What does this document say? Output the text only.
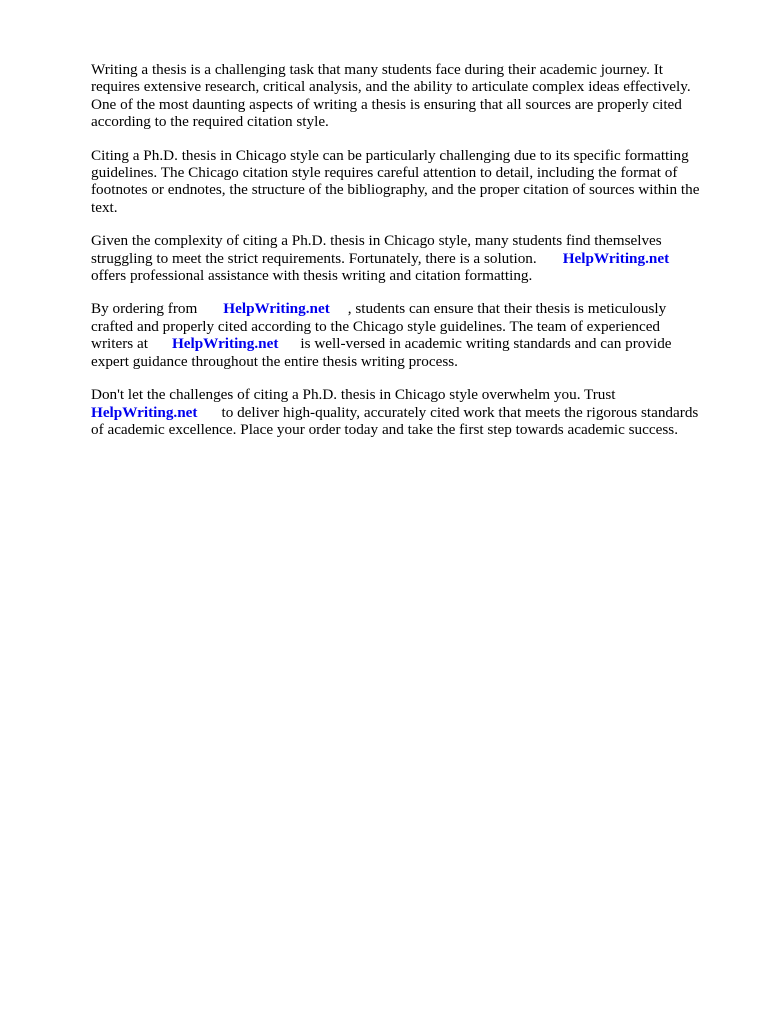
Writing a thesis is a challenging task that many students face during their academic journey. It
requires extensive research, critical analysis, and the ability to articulate complex ideas effectively.
One of the most daunting aspects of writing a thesis is ensuring that all sources are properly cited
according to the required citation style.

Citing a Ph.D. thesis in Chicago style can be particularly challenging due to its specific formatting
guidelines. The Chicago citation style requires careful attention to detail, including the format of
footnotes or endnotes, the structure of the bibliography, and the proper citation of sources within the
text.

Given the complexity of citing a Ph.D. thesis in Chicago style, many students find themselves
struggling to meet the strict requirements. Fortunately, there is a solution. HelpWriting.net
offers professional assistance with thesis writing and citation formatting.

By ordering from HelpWriting.net , students can ensure that their thesis is meticulously
crafted and properly cited according to the Chicago style guidelines. The team of experienced
writers at HelpWriting.net is well-versed in academic writing standards and can provide
expert guidance throughout the entire thesis writing process.

Don't let the challenges of citing a Ph.D. thesis in Chicago style overwhelm you. Trust
HelpWriting.net to deliver high-quality, accurately cited work that meets the rigorous standards
of academic excellence. Place your order today and take the first step towards academic success.
